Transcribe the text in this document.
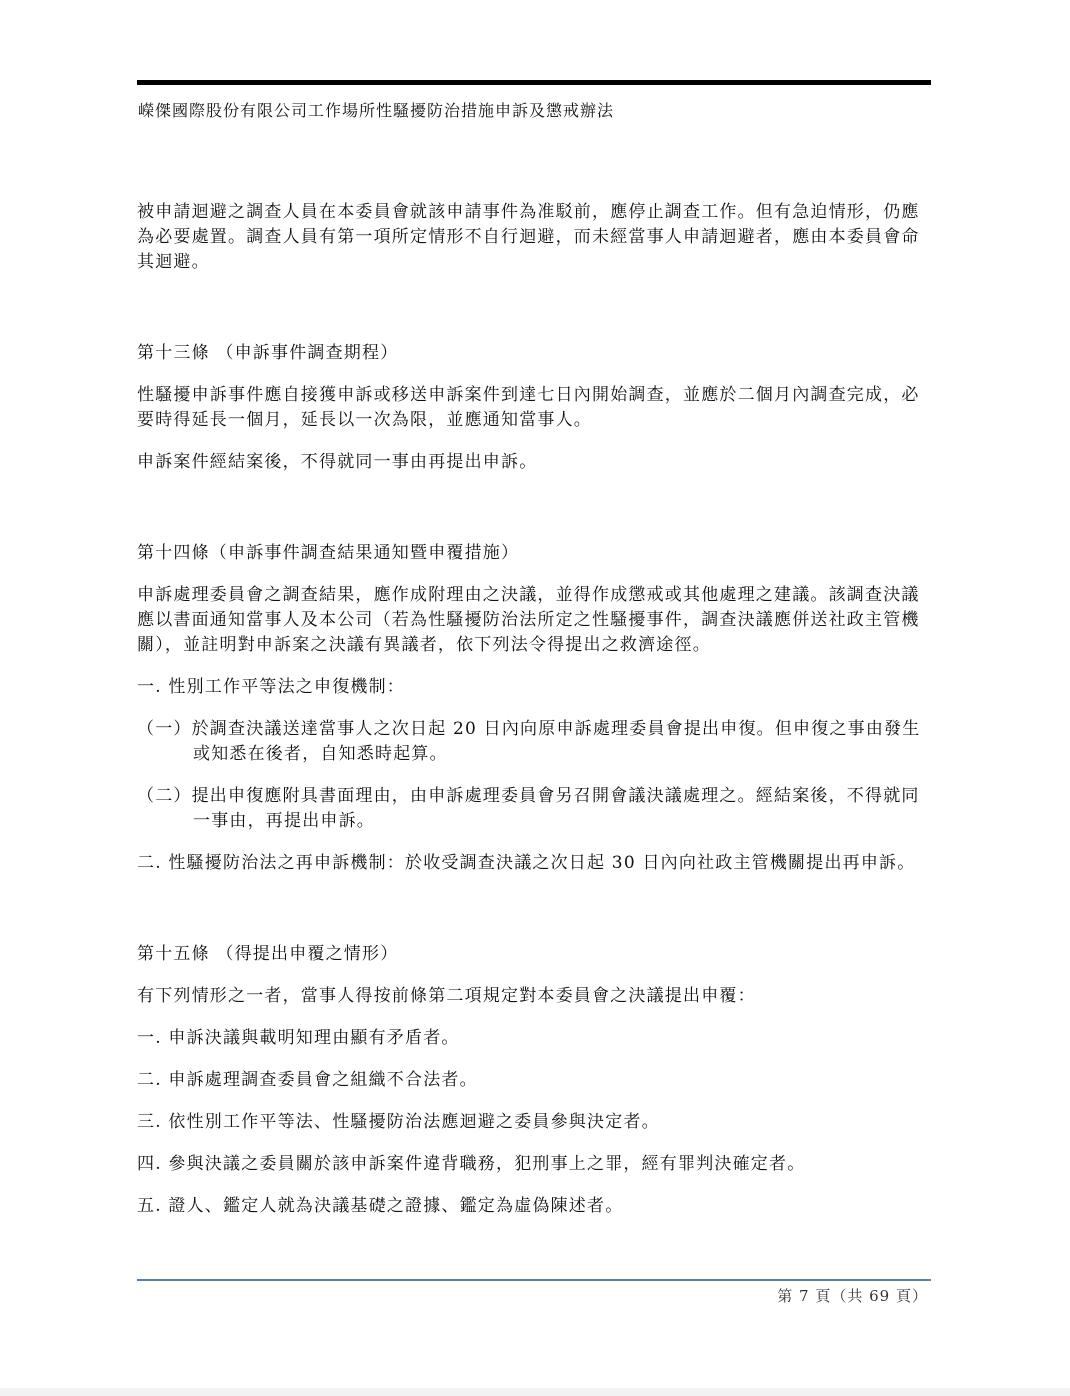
嶸傑國際股份有限公司工作場所性騷擾防治措施申訴及懲戒辦法

被申請迴避之調查人員在本委員會就該申請事件為准駁前，應停止調查工作。但有急迫情形，仍應為必要處置。調查人員有第一項所定情形不自行迴避，而未經當事人申請迴避者，應由本委員會命其迴避。

第十三條 （申訴事件調查期程）

性騷擾申訴事件應自接獲申訴或移送申訴案件到達七日內開始調查，並應於二個月內調查完成，必要時得延長一個月，延長以一次為限，並應通知當事人。

申訴案件經結案後，不得就同一事由再提出申訴。

第十四條（申訴事件調查結果通知暨申覆措施）

申訴處理委員會之調查結果，應作成附理由之決議，並得作成懲戒或其他處理之建議。該調查決議應以書面通知當事人及本公司（若為性騷擾防治法所定之性騷擾事件，調查決議應併送社政主管機關），並註明對申訴案之決議有異議者，依下列法令得提出之救濟途徑。

一. 性別工作平等法之申復機制：

（一）於調查決議送達當事人之次日起 20 日內向原申訴處理委員會提出申復。但申復之事由發生或知悉在後者，自知悉時起算。

（二）提出申復應附具書面理由，由申訴處理委員會另召開會議決議處理之。經結案後，不得就同一事由，再提出申訴。

二. 性騷擾防治法之再申訴機制：於收受調查決議之次日起 30 日內向社政主管機關提出再申訴。

第十五條 （得提出申覆之情形）

有下列情形之一者，當事人得按前條第二項規定對本委員會之決議提出申覆：

一. 申訴決議與載明知理由顯有矛盾者。

二. 申訴處理調查委員會之組織不合法者。

三. 依性別工作平等法、性騷擾防治法應迴避之委員參與決定者。

四. 參與決議之委員關於該申訴案件違背職務，犯刑事上之罪，經有罪判決確定者。

五. 證人、鑑定人就為決議基礎之證據、鑑定為虛偽陳述者。

第 7 頁（共 69 頁）
